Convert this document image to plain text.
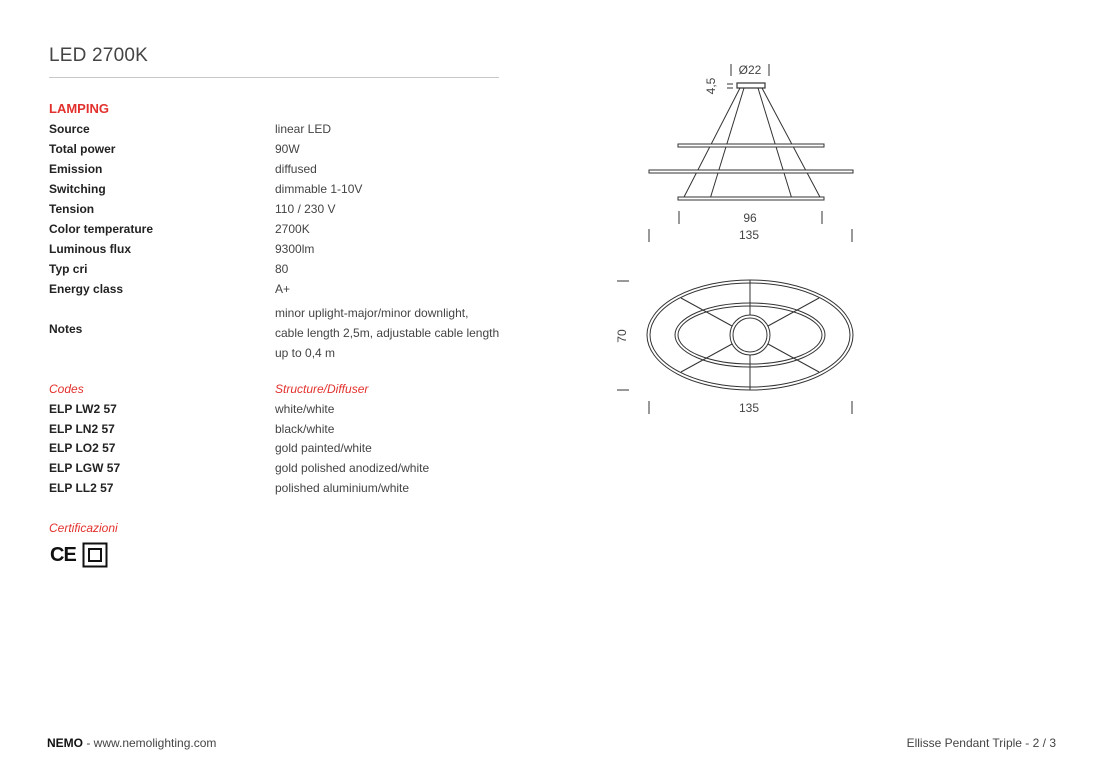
LED 2700K
LAMPING
Source	linear LED
Total power	90W
Emission	diffused
Switching	dimmable 1-10V
Tension	110 / 230 V
Color temperature	2700K
Luminous flux	9300lm
Typ cri	80
Energy class	A+
Notes
minor uplight-major/minor downlight,
cable length 2,5m, adjustable cable length
up to 0,4 m
Codes	Structure/Diffuser
ELP LW2 57	white/white
ELP LN2 57	black/white
ELP LO2 57	gold painted/white
ELP LGW 57	gold polished anodized/white
ELP LL2 57	polished aluminium/white
Certificazioni
CE
Ø22
4,5
96
135
70
135
NEMO - www.nemolighting.com	Ellisse Pendant Triple - 2 / 3
